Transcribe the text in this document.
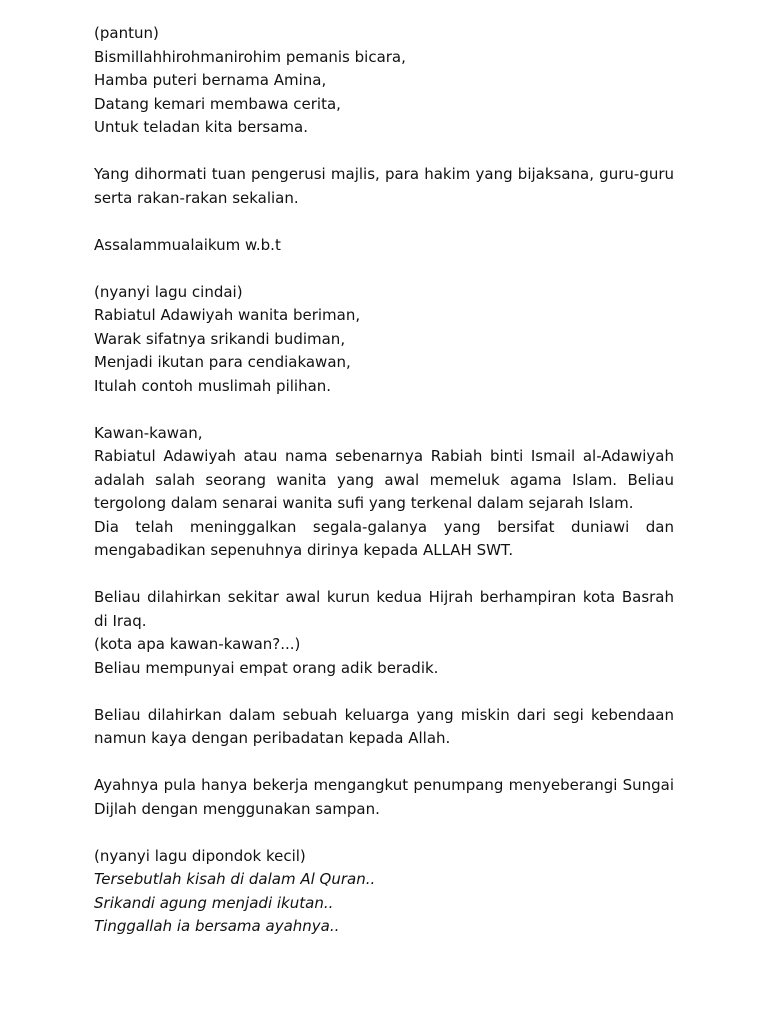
(pantun)
Bismillahhirohmanirohim pemanis bicara,
Hamba puteri bernama Amina,
Datang kemari membawa cerita,
Untuk teladan kita bersama.

Yang dihormati tuan pengerusi majlis, para hakim yang bijaksana, guru-guru serta rakan-rakan sekalian.

Assalammualaikum w.b.t

(nyanyi lagu cindai)
Rabiatul Adawiyah wanita beriman,
Warak sifatnya srikandi budiman,
Menjadi ikutan para cendiakawan,
Itulah contoh muslimah pilihan.

Kawan-kawan,

Rabiatul Adawiyah atau nama sebenarnya Rabiah binti Ismail al-Adawiyah adalah salah seorang wanita yang awal memeluk agama Islam. Beliau tergolong dalam senarai wanita sufi yang terkenal dalam sejarah Islam.

Dia telah meninggalkan segala-galanya yang bersifat duniawi dan mengabadikan sepenuhnya dirinya kepada ALLAH SWT.

Beliau dilahirkan sekitar awal kurun kedua Hijrah berhampiran kota Basrah di Iraq.

(kota apa kawan-kawan?...)

Beliau mempunyai empat orang adik beradik.

Beliau dilahirkan dalam sebuah keluarga yang miskin dari segi kebendaan namun kaya dengan peribadatan kepada Allah.

Ayahnya pula hanya bekerja mengangkut penumpang menyeberangi Sungai Dijlah dengan menggunakan sampan.

(nyanyi lagu dipondok kecil)
Tersebutlah kisah di dalam Al Quran..
Srikandi agung menjadi ikutan..
Tinggallah ia bersama ayahnya..
